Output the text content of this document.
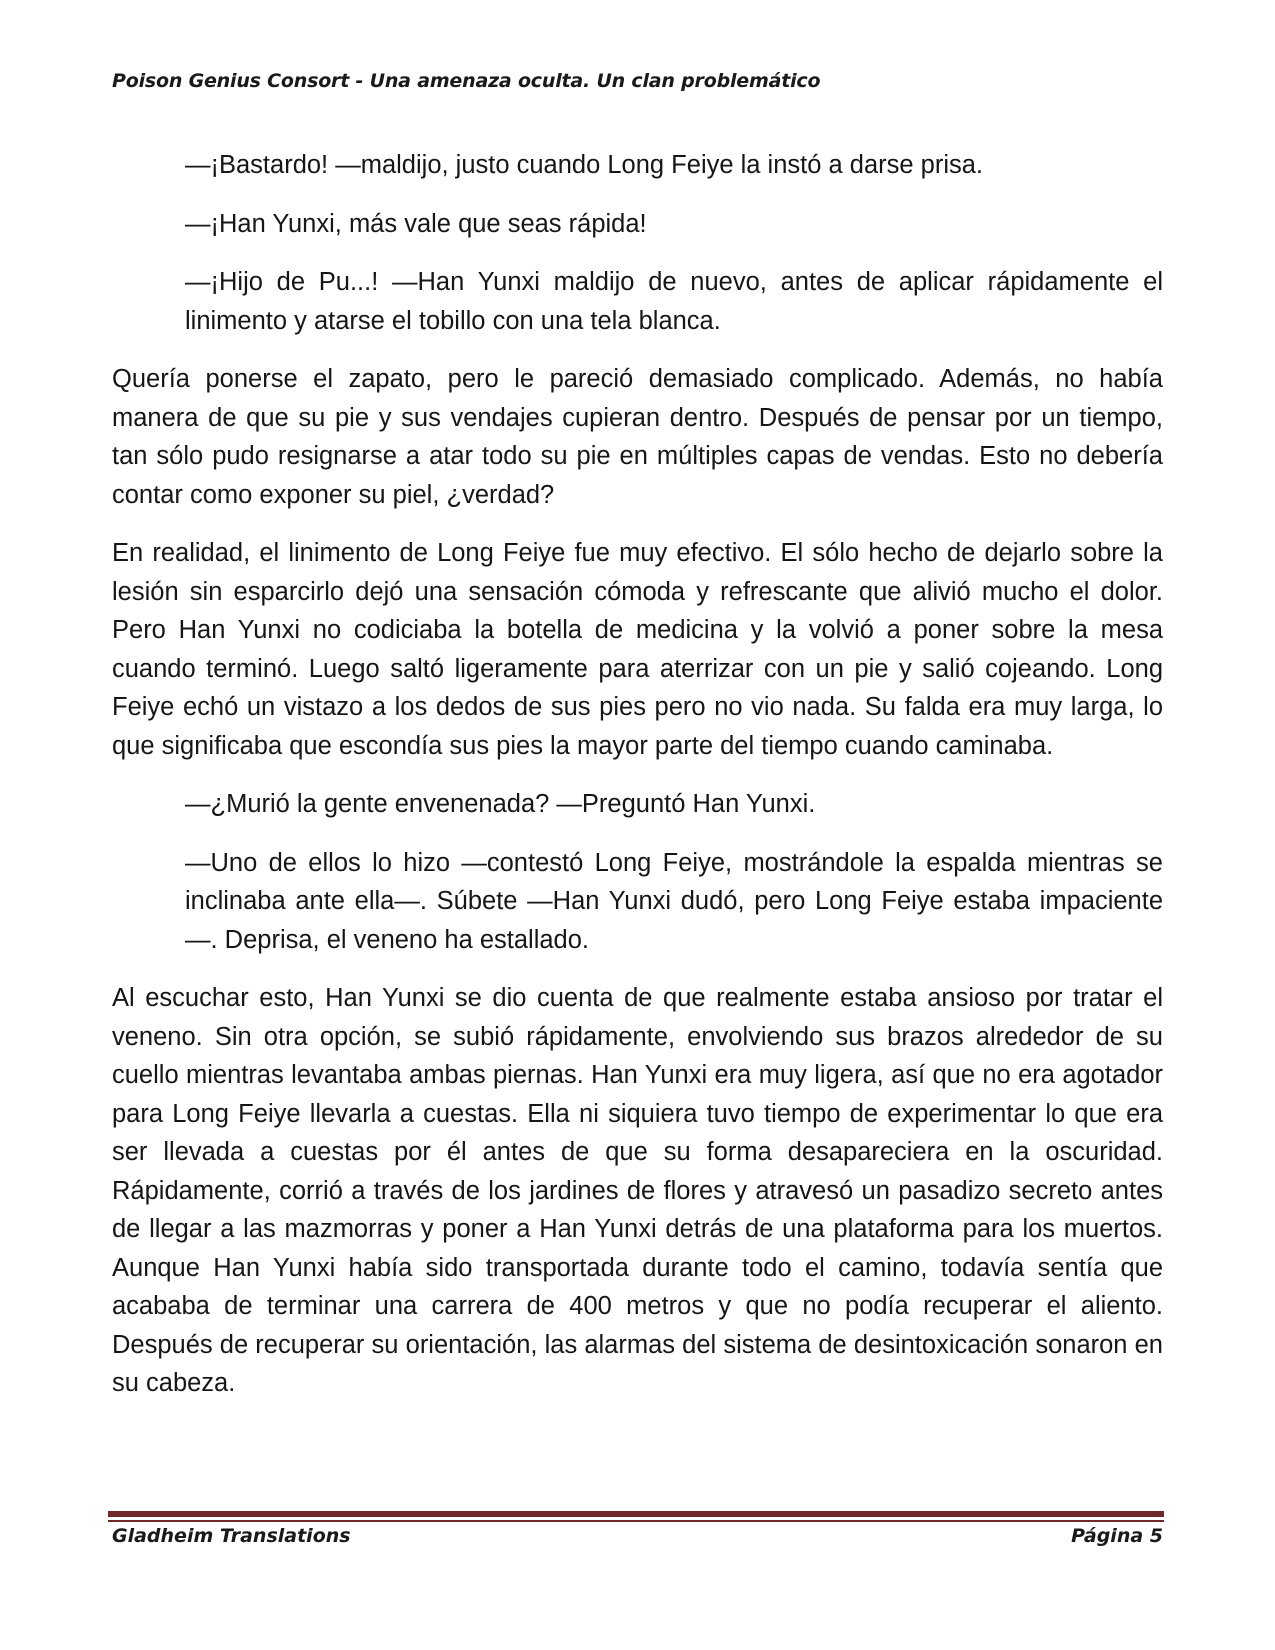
Poison Genius Consort - Una amenaza oculta. Un clan problemático

—¡Bastardo! —maldijo, justo cuando Long Feiye la instó a darse prisa.

—¡Han Yunxi, más vale que seas rápida!

—¡Hijo de Pu...! —Han Yunxi maldijo de nuevo, antes de aplicar rápidamente el linimento y atarse el tobillo con una tela blanca.

Quería ponerse el zapato, pero le pareció demasiado complicado. Además, no había manera de que su pie y sus vendajes cupieran dentro. Después de pensar por un tiempo, tan sólo pudo resignarse a atar todo su pie en múltiples capas de vendas. Esto no debería contar como exponer su piel, ¿verdad?

En realidad, el linimento de Long Feiye fue muy efectivo. El sólo hecho de dejarlo sobre la lesión sin esparcirlo dejó una sensación cómoda y refrescante que alivió mucho el dolor. Pero Han Yunxi no codiciaba la botella de medicina y la volvió a poner sobre la mesa cuando terminó. Luego saltó ligeramente para aterrizar con un pie y salió cojeando. Long Feiye echó un vistazo a los dedos de sus pies pero no vio nada. Su falda era muy larga, lo que significaba que escondía sus pies la mayor parte del tiempo cuando caminaba.

—¿Murió la gente envenenada? —Preguntó Han Yunxi.

—Uno de ellos lo hizo —contestó Long Feiye, mostrándole la espalda mientras se inclinaba ante ella—. Súbete —Han Yunxi dudó, pero Long Feiye estaba impaciente—. Deprisa, el veneno ha estallado.

Al escuchar esto, Han Yunxi se dio cuenta de que realmente estaba ansioso por tratar el veneno. Sin otra opción, se subió rápidamente, envolviendo sus brazos alrededor de su cuello mientras levantaba ambas piernas. Han Yunxi era muy ligera, así que no era agotador para Long Feiye llevarla a cuestas. Ella ni siquiera tuvo tiempo de experimentar lo que era ser llevada a cuestas por él antes de que su forma desapareciera en la oscuridad. Rápidamente, corrió a través de los jardines de flores y atravesó un pasadizo secreto antes de llegar a las mazmorras y poner a Han Yunxi detrás de una plataforma para los muertos. Aunque Han Yunxi había sido transportada durante todo el camino, todavía sentía que acababa de terminar una carrera de 400 metros y que no podía recuperar el aliento. Después de recuperar su orientación, las alarmas del sistema de desintoxicación sonaron en su cabeza.

Gladheim Translations	Página 5
